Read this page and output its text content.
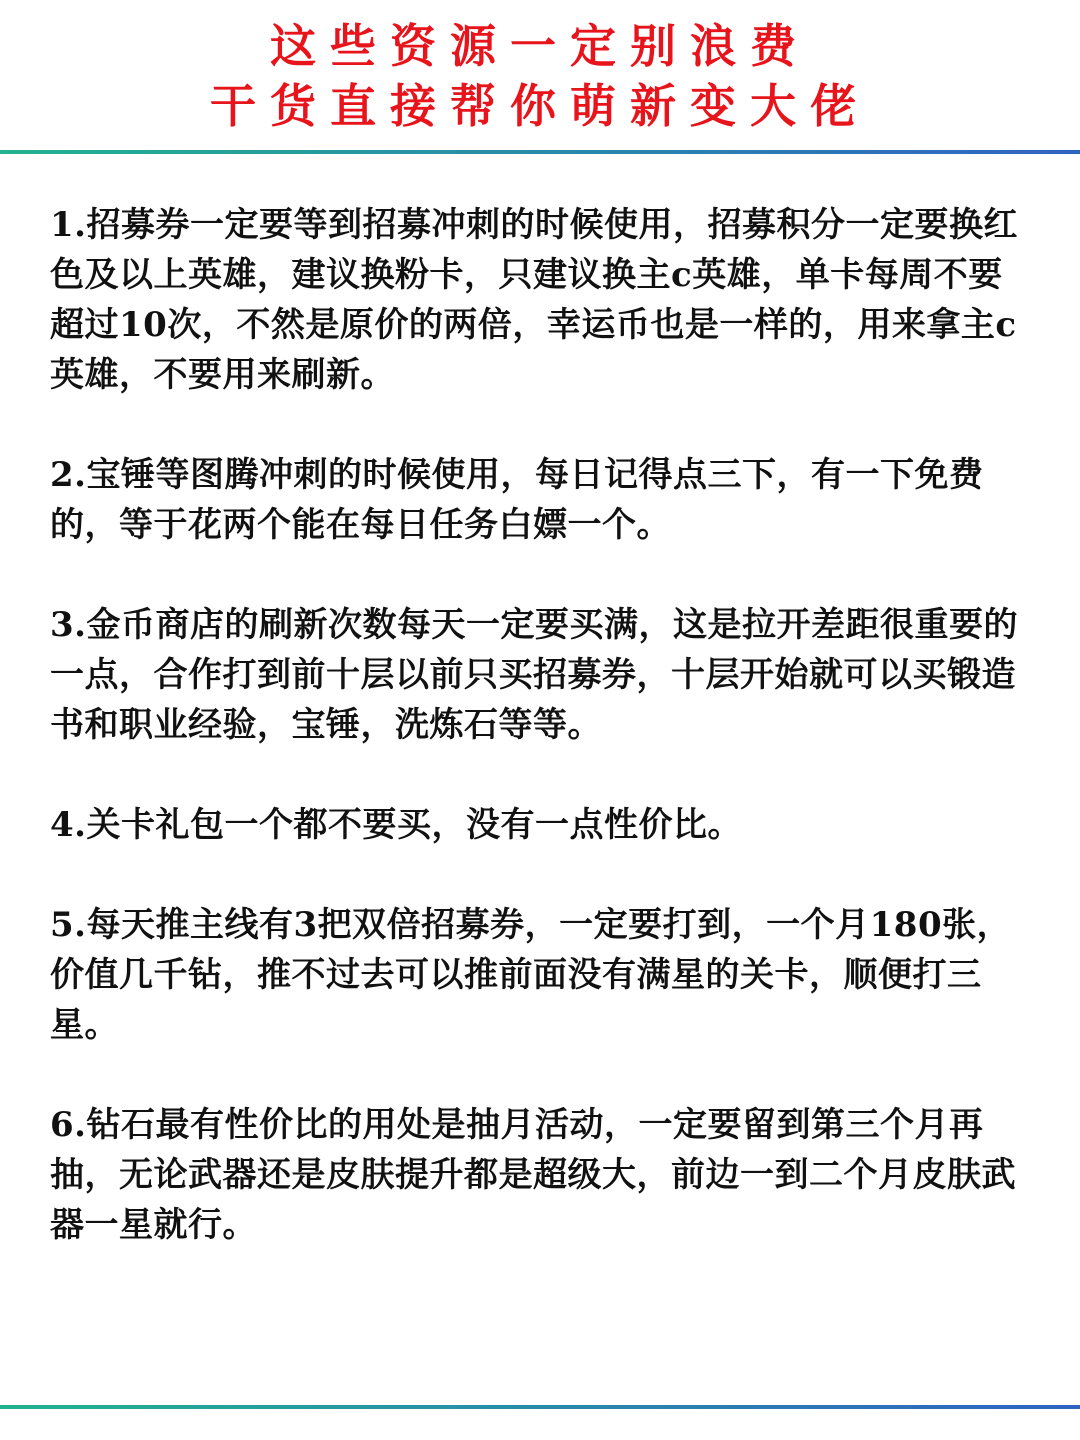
这些资源一定别浪费
干货直接帮你萌新变大佬

1.招募券一定要等到招募冲刺的时候使用，招募积分一定要换红色及以上英雄，建议换粉卡，只建议换主c英雄，单卡每周不要超过10次，不然是原价的两倍，幸运币也是一样的，用来拿主c英雄，不要用来刷新。

2.宝锤等图腾冲刺的时候使用，每日记得点三下，有一下免费的，等于花两个能在每日任务白嫖一个。

3.金币商店的刷新次数每天一定要买满，这是拉开差距很重要的一点，合作打到前十层以前只买招募券，十层开始就可以买锻造书和职业经验，宝锤，洗炼石等等。

4.关卡礼包一个都不要买，没有一点性价比。

5.每天推主线有3把双倍招募券，一定要打到，一个月180张，价值几千钻，推不过去可以推前面没有满星的关卡，顺便打三星。

6.钻石最有性价比的用处是抽月活动，一定要留到第三个月再抽，无论武器还是皮肤提升都是超级大，前边一到二个月皮肤武器一星就行。
